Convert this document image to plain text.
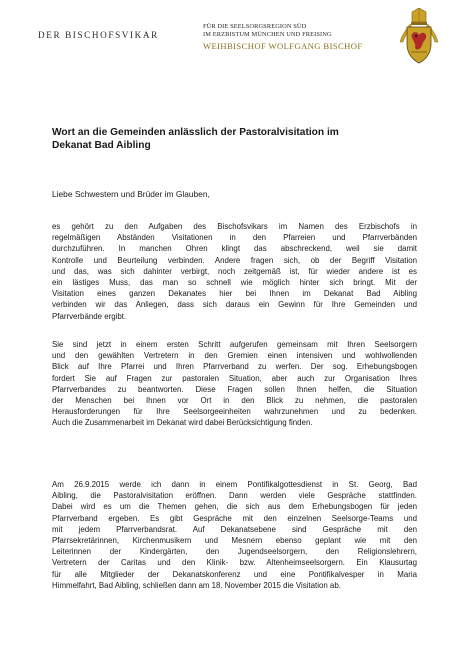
DER BISCHOFSVIKAR
FÜR DIE SEELSORGSREGION SÜD
IM ERZBISTUM MÜNCHEN UND FREISING
WEIHBISCHOF WOLFGANG BISCHOF
Wort an die Gemeinden anlässlich der Pastoralvisitation im
Dekanat Bad Aibling
Liebe Schwestern und Brüder im Glauben,
es gehört zu den Aufgaben des Bischofsvikars im Namen des Erzbischofs in
regelmäßigen Abständen Visitationen in den Pfarreien und Pfarrverbänden
durchzuführen. In manchen Ohren klingt das abschreckend, weil sie damit
Kontrolle und Beurteilung verbinden. Andere fragen sich, ob der Begriff Visitation
und das, was sich dahinter verbirgt, noch zeitgemäß ist, für wieder andere ist es
ein lästiges Muss, das man so schnell wie möglich hinter sich bringt. Mit der
Visitation eines ganzen Dekanates hier bei Ihnen im Dekanat Bad Aibling
verbinden wir das Anliegen, dass sich daraus ein Gewinn für Ihre Gemeinden und
Pfarrverbände ergibt.
Sie sind jetzt in einem ersten Schritt aufgerufen gemeinsam mit Ihren Seelsorgern
und den gewählten Vertretern in den Gremien einen intensiven und wohlwollenden
Blick auf Ihre Pfarrei und Ihren Pfarrverband zu werfen. Der sog. Erhebungsbogen
fordert Sie auf Fragen zur pastoralen Situation, aber auch zur Organisation Ihres
Pfarrverbandes zu beantworten. Diese Fragen sollen Ihnen helfen, die Situation
der Menschen bei Ihnen vor Ort in den Blick zu nehmen, die pastoralen
Herausforderungen für Ihre Seelsorgeeinheiten wahrzunehmen und zu bedenken.
Auch die Zusammenarbeit im Dekanat wird dabei Berücksichtigung finden.
Am 26.9.2015 werde ich dann in einem Pontifikalgottesdienst in St. Georg, Bad
Aibling, die Pastoralvisitation eröffnen. Dann werden viele Gespräche stattfinden.
Dabei wird es um die Themen gehen, die sich aus dem Erhebungsbogen für jeden
Pfarrverband ergeben. Es gibt Gespräche mit den einzelnen Seelsorge-Teams und
mit jedem Pfarrverbandsrat. Auf Dekanatsebene sind Gespräche mit den
Pfarrsekretärinnen, Kirchenmusikern und Mesnern ebenso geplant wie mit den
Leiterinnen der Kindergärten, den Jugendseelsorgern, den Religionslehrern,
Vertretern der Caritas und den Klinik- bzw. Altenheimseelsorgern. Ein Klausurtag
für alle Mitglieder der Dekanatskonferenz und eine Pontifikalvesper in Maria
Himmelfahrt, Bad Aibling, schließen dann am 18. November 2015 die Visitation ab.
